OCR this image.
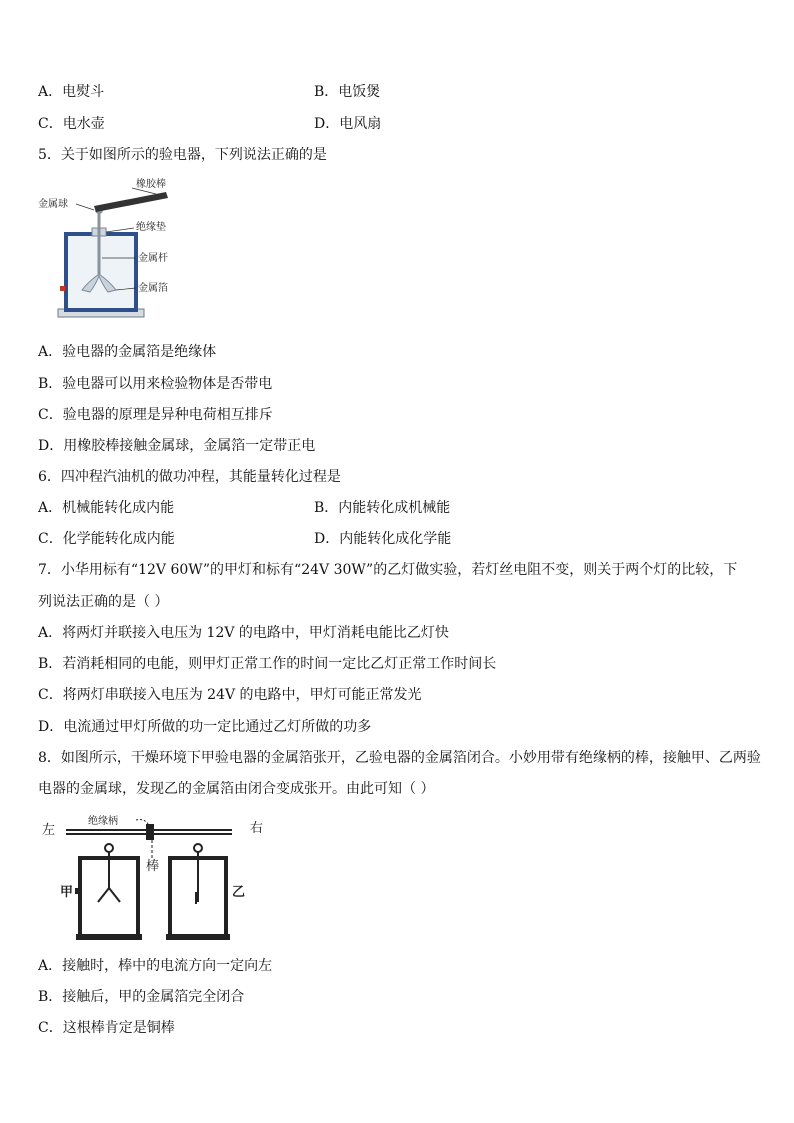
A．电熨斗	B．电饭煲
C．电水壶	D．电风扇
5．关于如图所示的验电器，下列说法正确的是
橡胶棒
金属球
绝缘垫
金属杆
金属箔
A．验电器的金属箔是绝缘体
B．验电器可以用来检验物体是否带电
C．验电器的原理是异种电荷相互排斥
D．用橡胶棒接触金属球，金属箔一定带正电
6．四冲程汽油机的做功冲程，其能量转化过程是
A．机械能转化成内能	B．内能转化成机械能
C．化学能转化成内能	D．内能转化成化学能
7．小华用标有“12V 60W”的甲灯和标有“24V 30W”的乙灯做实验，若灯丝电阻不变，则关于两个灯的比较，下
列说法正确的是（ ）
A．将两灯并联接入电压为 12V 的电路中，甲灯消耗电能比乙灯快
B．若消耗相同的电能，则甲灯正常工作的时间一定比乙灯正常工作时间长
C．将两灯串联接入电压为 24V 的电路中，甲灯可能正常发光
D．电流通过甲灯所做的功一定比通过乙灯所做的功多
8．如图所示，干燥环境下甲验电器的金属箔张开，乙验电器的金属箔闭合。小妙用带有绝缘柄的棒，接触甲、乙两验
电器的金属球，发现乙的金属箔由闭合变成张开。由此可知（ ）
左	右
绝缘柄
棒
甲	乙
A．接触时，棒中的电流方向一定向左
B．接触后，甲的金属箔完全闭合
C．这根棒肯定是铜棒
